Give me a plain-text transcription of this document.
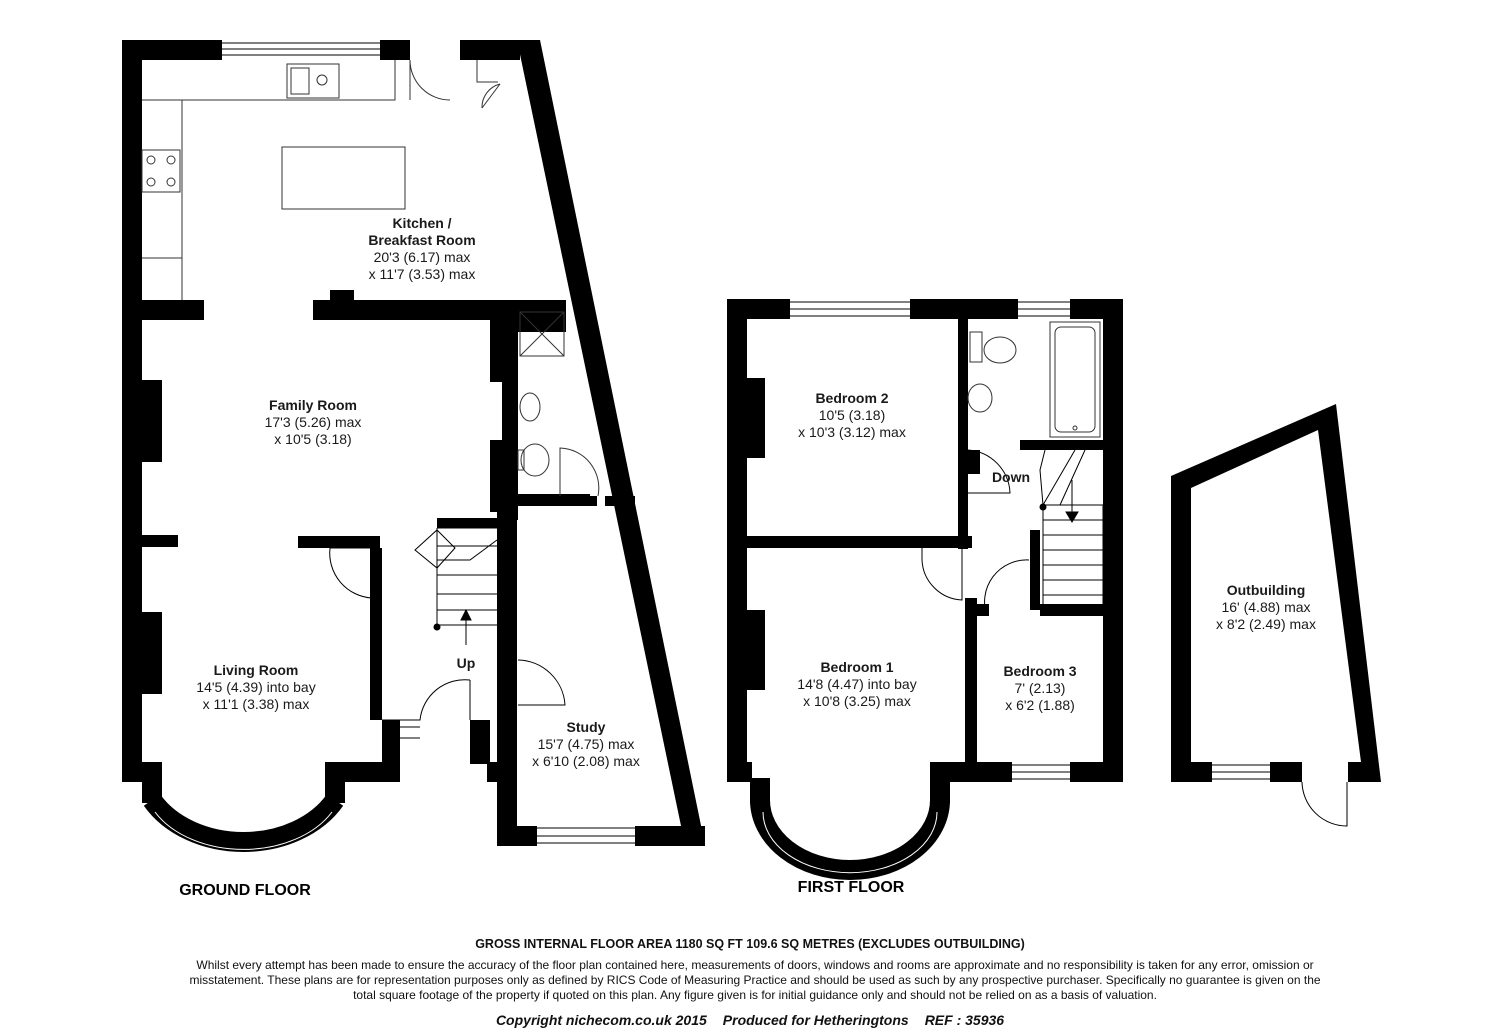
Kitchen /
Breakfast Room
20'3 (6.17) max
x 11'7 (3.53) max
Family Room
17'3 (5.26) max
x 10'5 (3.18)
Living Room
14'5 (4.39) into bay
x 11'1 (3.38) max
Study
15'7 (4.75) max
x 6'10 (2.08) max
Up
Bedroom 2
10'5 (3.18)
x 10'3 (3.12) max
Bedroom 1
14'8 (4.47) into bay
x 10'8 (3.25) max
Bedroom 3
7' (2.13)
x 6'2 (1.88)
Down
Outbuilding
16' (4.88) max
x 8'2 (2.49) max
GROUND FLOOR	FIRST FLOOR
GROSS INTERNAL FLOOR AREA 1180 SQ FT 109.6 SQ METRES (EXCLUDES OUTBUILDING)
Whilst every attempt has been made to ensure the accuracy of the floor plan contained here, measurements of doors, windows and rooms are approximate and no responsibility is taken for any error, omission or misstatement. These plans are for representation purposes only as defined by RICS Code of Measuring Practice and should be used as such by any prospective purchaser. Specifically no guarantee is given on the total square footage of the property if quoted on this plan. Any figure given is for initial guidance only and should not be relied on as a basis of valuation.
Copyright nichecom.co.uk 2015 Produced for Hetheringtons REF : 35936
